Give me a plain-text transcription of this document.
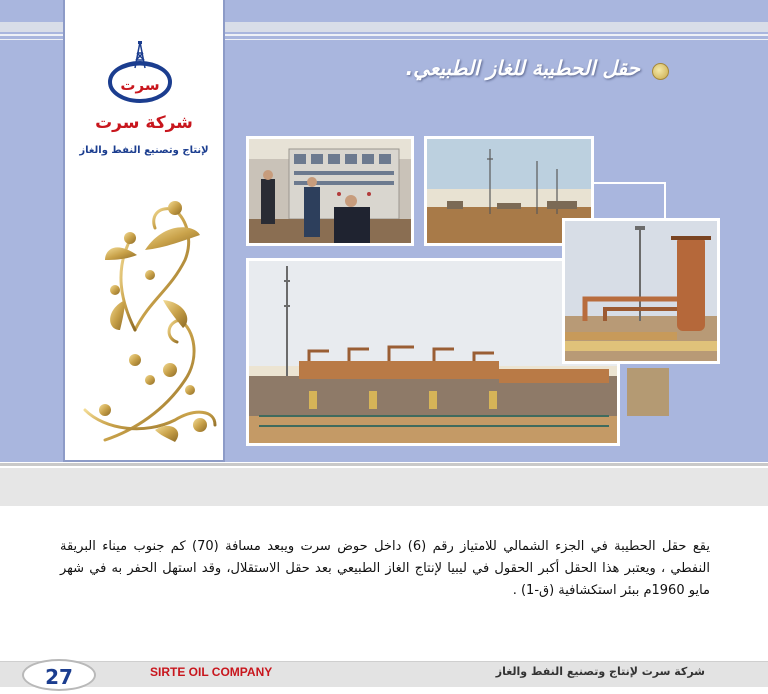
سرت
شركة سرت
لإنتاج وتصنيع النفط والغاز
حقل الحطيبة للغاز الطبيعي.
يقع حقل الحطيبة في الجزء الشمالي للامتياز رقم (6) داخل حوض سرت ويبعد مسافة (70) كم جنوب ميناء البريقة النفطي ، ويعتبر هذا الحقل أكبر الحقول في ليبيا لإنتاج الغاز الطبيعي بعد حقل الاستقلال، وقد استهل الحفر به في شهر مايو 1960م ببئر استكشافية (ق-1) .
27	SIRTE OIL COMPANY	شركة سرت لإنتاج وتصنيع النفط والغاز
